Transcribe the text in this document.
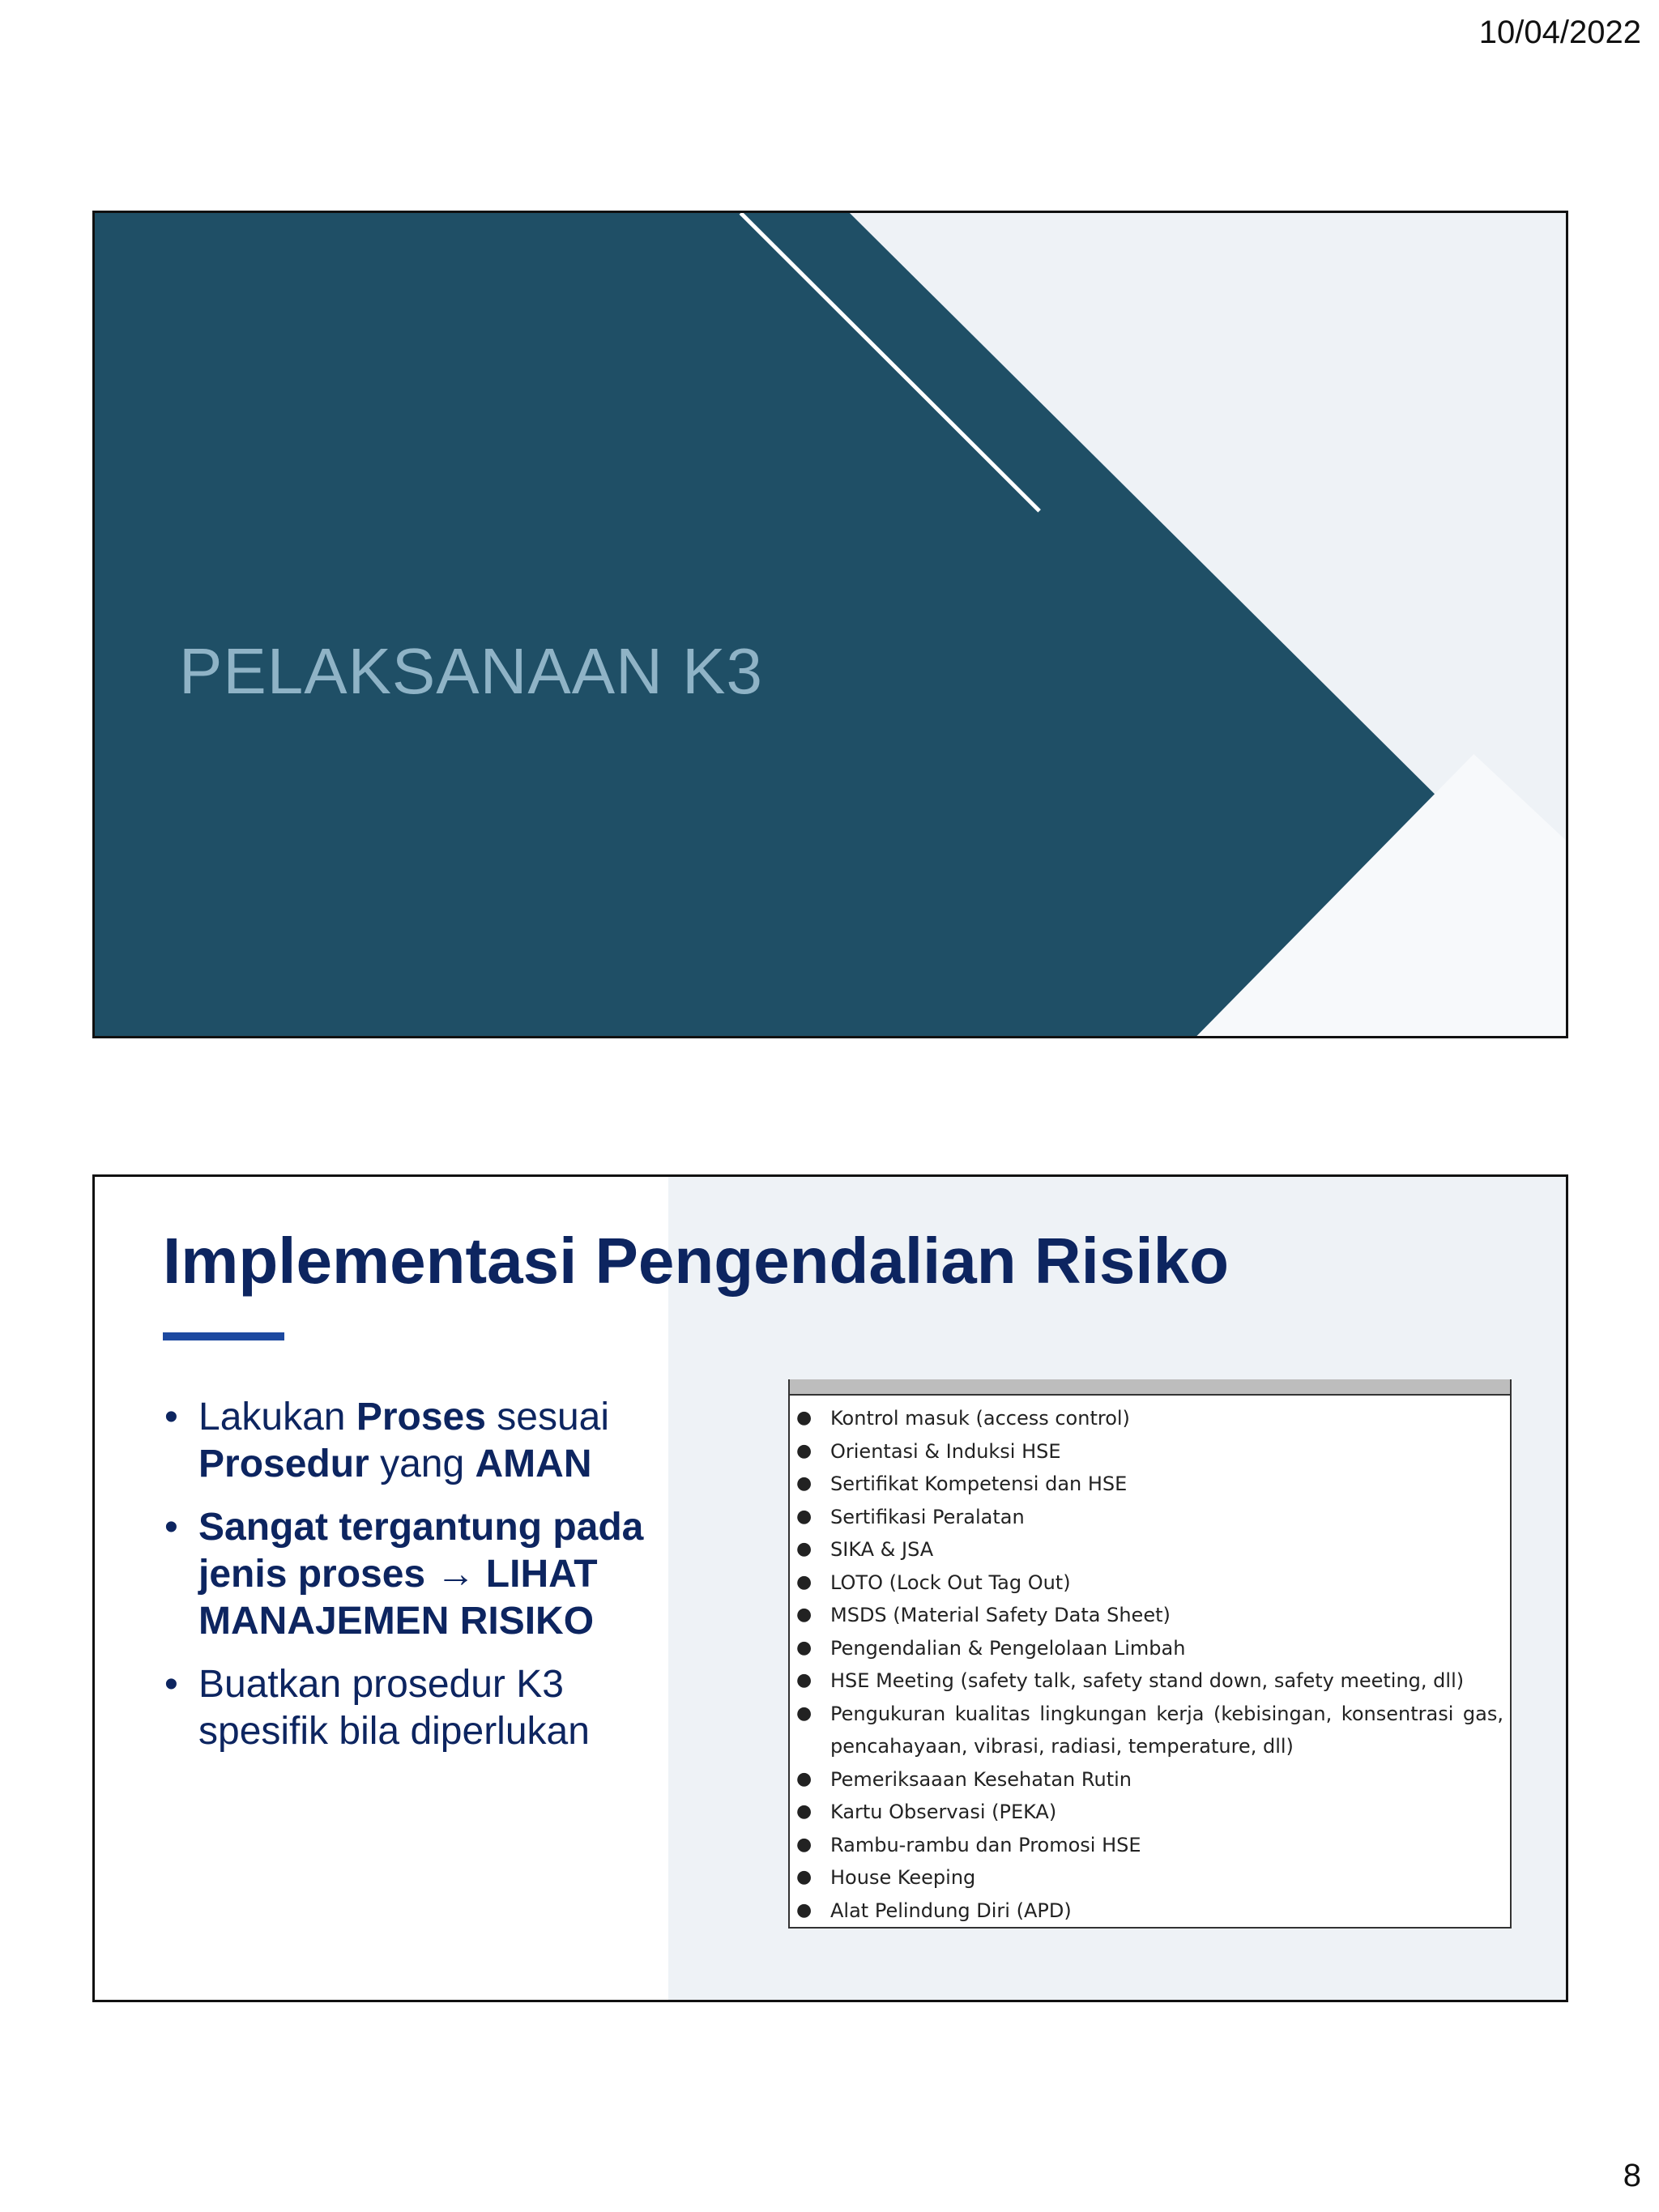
10/04/2022
PELAKSANAAN K3
Implementasi Pengendalian Risiko
• Lakukan Proses sesuai Prosedur yang AMAN
• Sangat tergantung pada jenis proses → LIHAT MANAJEMEN RISIKO
• Buatkan prosedur K3 spesifik bila diperlukan
● Kontrol masuk (access control)
● Orientasi & Induksi HSE
● Sertifikat Kompetensi dan HSE
● Sertifikasi Peralatan
● SIKA & JSA
● LOTO (Lock Out Tag Out)
● MSDS (Material Safety Data Sheet)
● Pengendalian & Pengelolaan Limbah
● HSE Meeting (safety talk, safety stand down, safety meeting, dll)
● Pengukuran kualitas lingkungan kerja (kebisingan, konsentrasi gas, pencahayaan, vibrasi, radiasi, temperature, dll)
● Pemeriksaaan Kesehatan Rutin
● Kartu Observasi (PEKA)
● Rambu-rambu dan Promosi HSE
● House Keeping
● Alat Pelindung Diri (APD)
8
